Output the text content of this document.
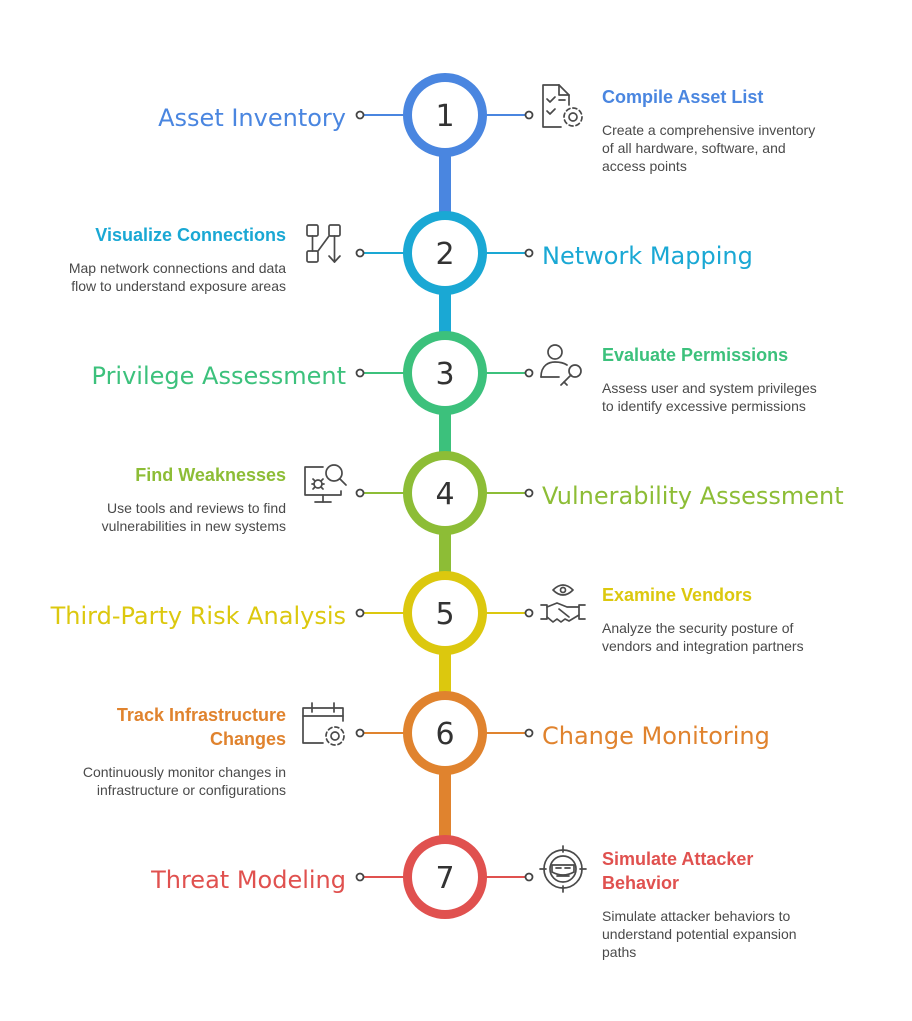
1
Asset Inventory
Compile Asset List
Create a comprehensive inventory of all hardware, software, and access points
2	Network Mapping
Visualize Connections
Map network connections and data flow to understand exposure areas
3
Privilege Assessment
Evaluate Permissions
Assess user and system privileges to identify excessive permissions
4	Vulnerability Assessment
Find Weaknesses
Use tools and reviews to find vulnerabilities in new systems
5
Third-Party Risk Analysis
Examine Vendors
Analyze the security posture of vendors and integration partners
6	Change Monitoring
Track Infrastructure Changes
Continuously monitor changes in infrastructure or configurations
7
Threat Modeling
Simulate Attacker Behavior
Simulate attacker behaviors to understand potential expansion paths
